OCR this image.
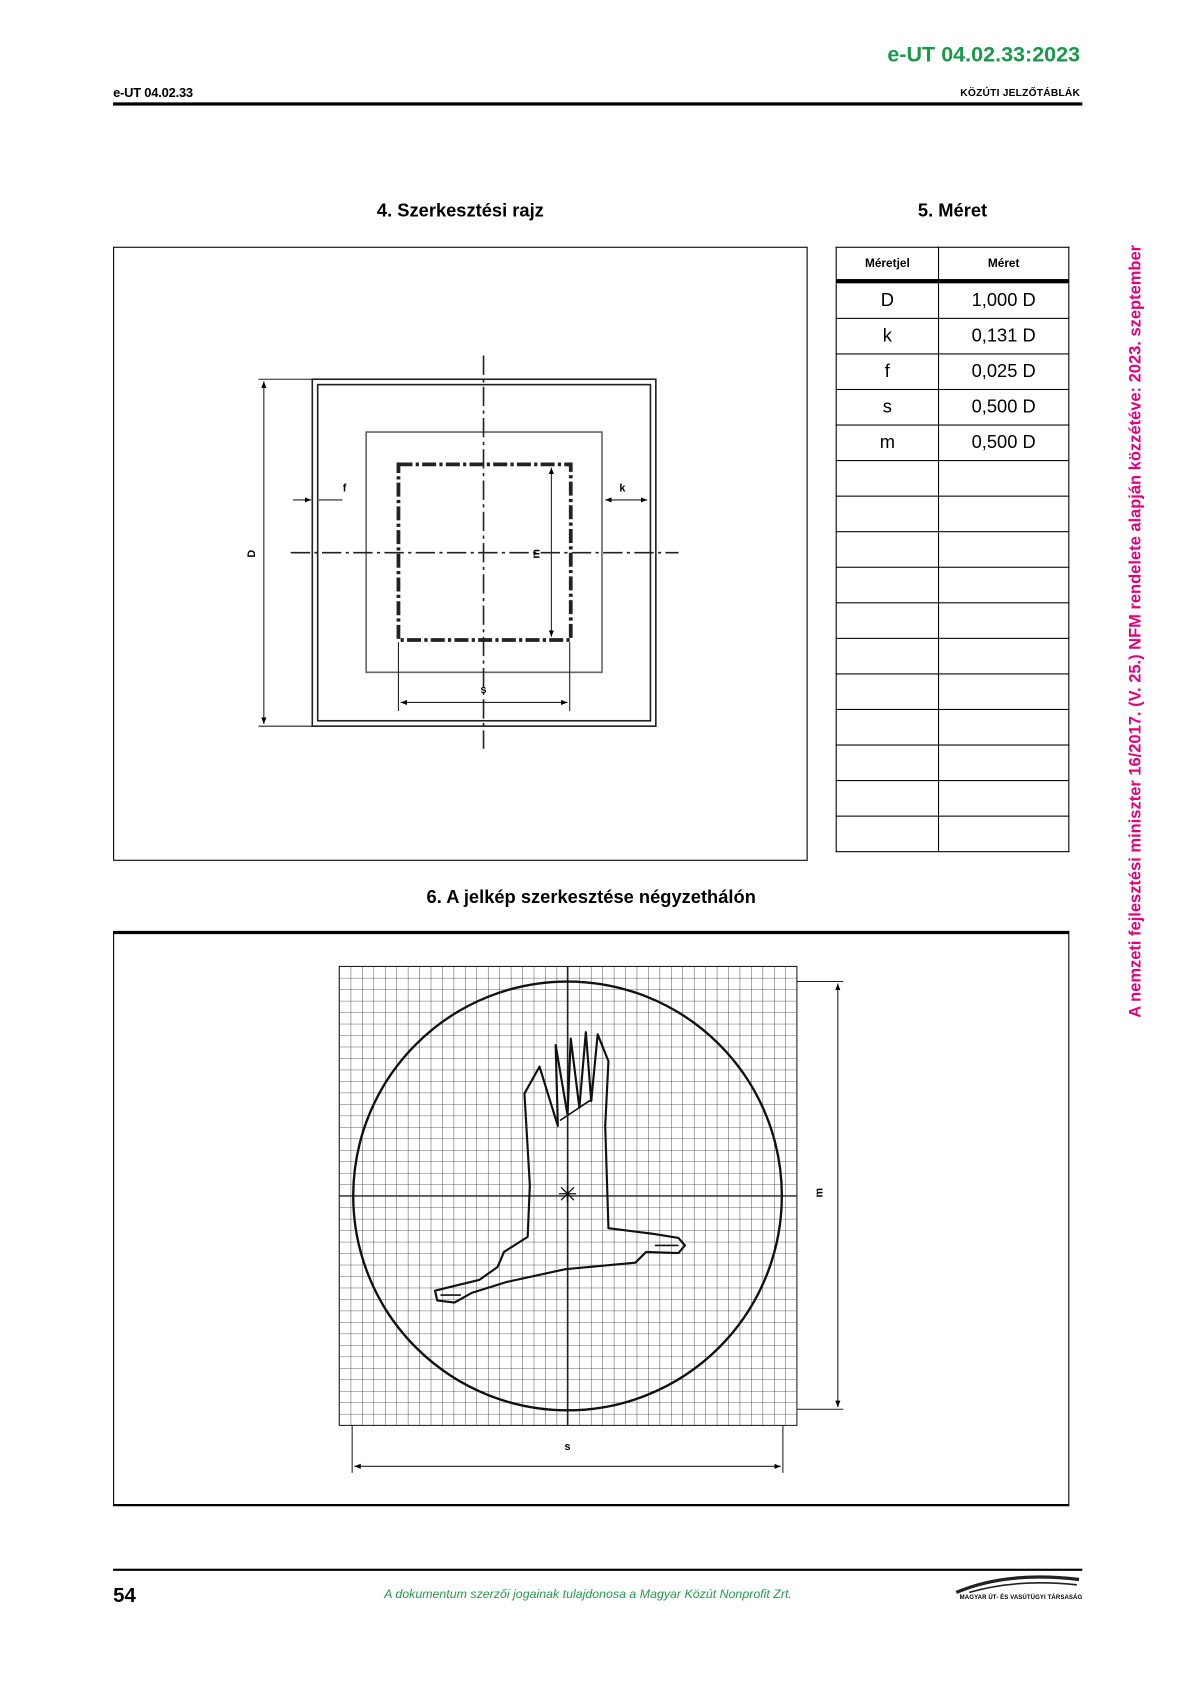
e-UT 04.02.33:2023
e-UT 04.02.33	KÖZÚTI JELZŐTÁBLÁK
A nemzeti fejlesztési miniszter 16/2017. (V. 25.) NFM rendelete alapján közzétéve: 2023. szeptember
4. Szerkesztési rajz	5. Méret
Méretjel	Méret
D	1,000 D
k	0,131 D
f	0,025 D
s	0,500 D
m	0,500 D

6. A jelkép szerkesztése négyzethálón
D
f	k
m
s
m
s
54	A dokumentum szerzői jogainak tulajdonosa a Magyar Közút Nonprofit Zrt.	MAGYAR ÚT- ÉS VASÚTÜGYI TÁRSASÁG
